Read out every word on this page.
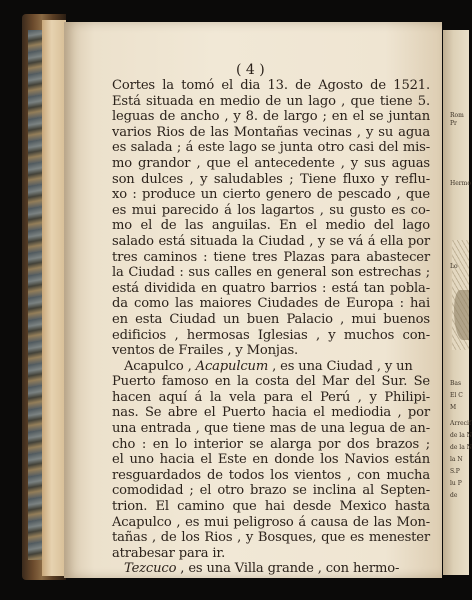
Rom
Pr
Hermo
Lo
Bas
El C
M
Arrecif
de la N
de la N
la N
S.P
lu P
de
( 4 )
Cortes la tomó el dia 13. de Agosto de 1521.
Está situada en medio de un lago , que tiene 5.
leguas de ancho , y 8. de largo ; en el se juntan
varios Rios de las Montañas vecinas , y su agua
es salada ; á este lago se junta otro casi del mis-
mo grandor , que el antecedente , y sus aguas
son dulces , y saludables ; Tiene fluxo y reflu-
xo : produce un cierto genero de pescado , que
es mui parecido á los lagartos , su gusto es co-
mo el de las anguilas. En el medio del lago
salado está situada la Ciudad , y se vá á ella por
tres caminos : tiene tres Plazas para abastecer
la Ciudad : sus calles en general son estrechas ;
está dividida en quatro barrios : está tan pobla-
da como las maiores Ciudades de Europa : hai
en esta Ciudad un buen Palacio , mui buenos
edificios , hermosas Iglesias , y muchos con-
ventos de Frailes , y Monjas.
Acapulco , Acapulcum , es una Ciudad , y un
Puerto famoso en la costa del Mar del Sur. Se
hacen aquí á la vela para el Perú , y Philipi-
nas. Se abre el Puerto hacia el mediodia , por
una entrada , que tiene mas de una legua de an-
cho : en lo interior se alarga por dos brazos ;
el uno hacia el Este en donde los Navios están
resguardados de todos los vientos , con mucha
comodidad ; el otro brazo se inclina al Septen-
trion. El camino que hai desde Mexico hasta
Acapulco , es mui peligroso á causa de las Mon-
tañas , de los Rios , y Bosques, que es menester
atrabesar para ir.
Tezcuco , es una Villa grande , con hermo-
